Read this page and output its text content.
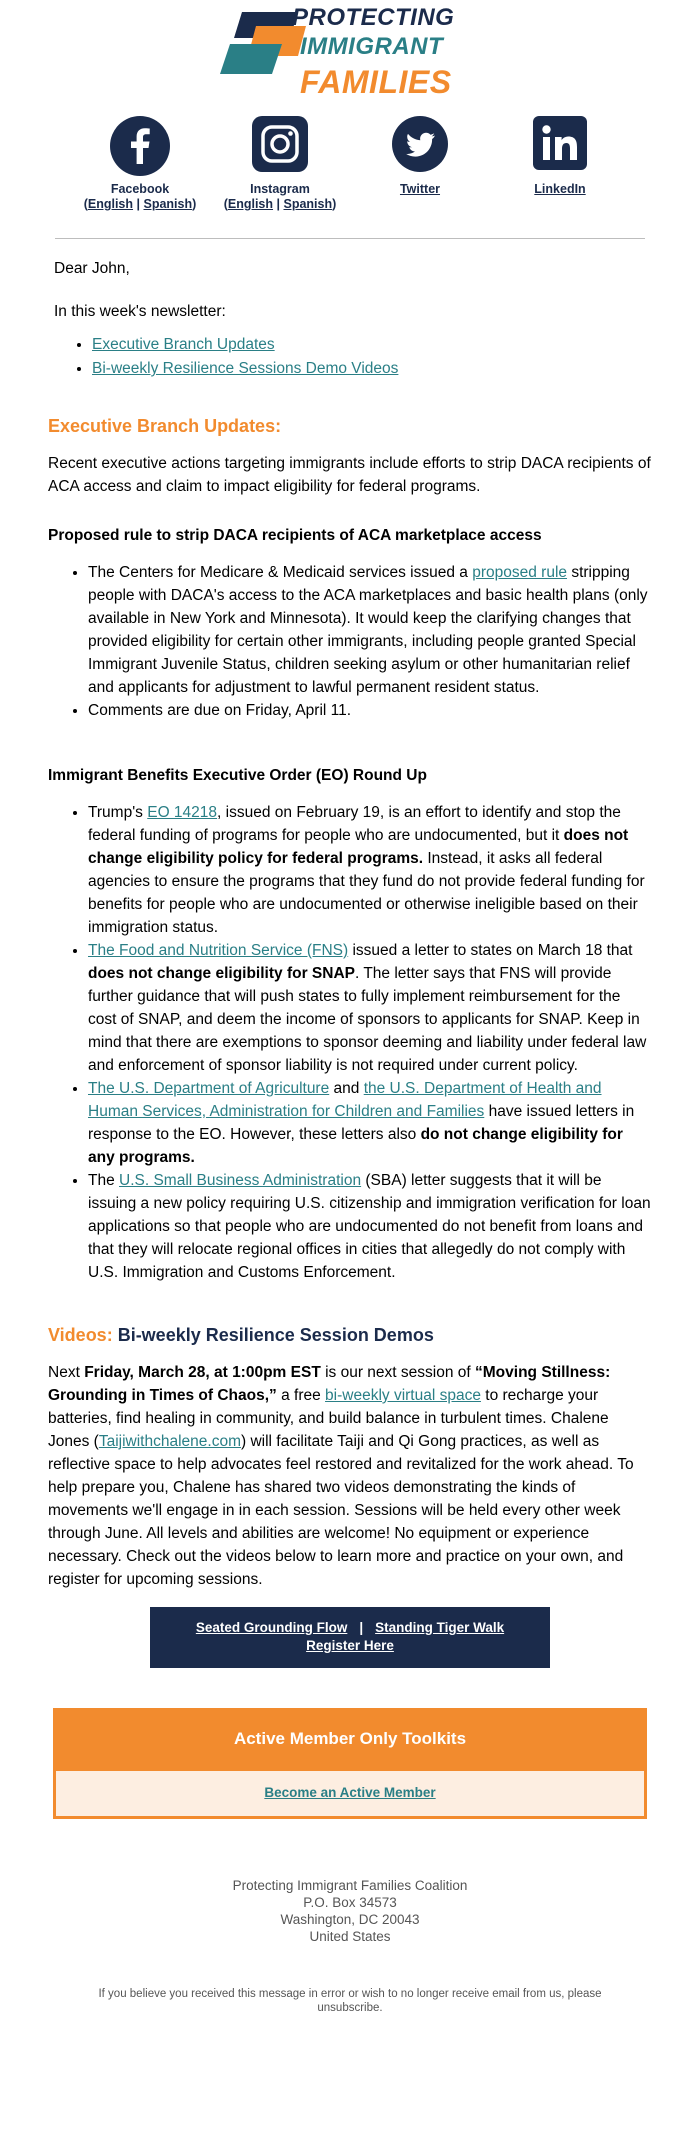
PROTECTING
IMMIGRANT
FAMILIES
Facebook
(English | Spanish)
Instagram
(English | Spanish)
Twitter	LinkedIn
Dear John,
In this week's newsletter:
• Executive Branch Updates
• Bi-weekly Resilience Sessions Demo Videos
Executive Branch Updates:

Recent executive actions targeting immigrants include efforts to strip DACA recipients of ACA access and claim to impact eligibility for federal programs.

Proposed rule to strip DACA recipients of ACA marketplace access
• The Centers for Medicare & Medicaid services issued a proposed rule stripping people with DACA's access to the ACA marketplaces and basic health plans (only available in New York and Minnesota). It would keep the clarifying changes that provided eligibility for certain other immigrants, including people granted Special Immigrant Juvenile Status, children seeking asylum or other humanitarian relief and applicants for adjustment to lawful permanent resident status.
• Comments are due on Friday, April 11.
Immigrant Benefits Executive Order (EO) Round Up
• Trump's EO 14218, issued on February 19, is an effort to identify and stop the federal funding of programs for people who are undocumented, but it does not change eligibility policy for federal programs. Instead, it asks all federal agencies to ensure the programs that they fund do not provide federal funding for benefits for people who are undocumented or otherwise ineligible based on their immigration status.
• The Food and Nutrition Service (FNS) issued a letter to states on March 18 that does not change eligibility for SNAP. The letter says that FNS will provide further guidance that will push states to fully implement reimbursement for the cost of SNAP, and deem the income of sponsors to applicants for SNAP. Keep in mind that there are exemptions to sponsor deeming and liability under federal law and enforcement of sponsor liability is not required under current policy.
• The U.S. Department of Agriculture and the U.S. Department of Health and Human Services, Administration for Children and Families have issued letters in response to the EO. However, these letters also do not change eligibility for any programs.
• The U.S. Small Business Administration (SBA) letter suggests that it will be issuing a new policy requiring U.S. citizenship and immigration verification for loan applications so that people who are undocumented do not benefit from loans and that they will relocate regional offices in cities that allegedly do not comply with U.S. Immigration and Customs Enforcement.
Videos: Bi-weekly Resilience Session Demos

Next Friday, March 28, at 1:00pm EST is our next session of “Moving Stillness: Grounding in Times of Chaos,” a free bi-weekly virtual space to recharge your batteries, find healing in community, and build balance in turbulent times. Chalene Jones (Taijiwithchalene.com) will facilitate Taiji and Qi Gong practices, as well as reflective space to help advocates feel restored and revitalized for the work ahead. To help prepare you, Chalene has shared two videos demonstrating the kinds of movements we'll engage in in each session. Sessions will be held every other week through June. All levels and abilities are welcome! No equipment or experience necessary. Check out the videos below to learn more and practice on your own, and register for upcoming sessions.

Seated Grounding Flow | Standing Tiger Walk
Register Here
Active Member Only Toolkits
Become an Active Member
Protecting Immigrant Families Coalition
P.O. Box 34573
Washington, DC 20043
United States
If you believe you received this message in error or wish to no longer receive email from us, please unsubscribe.
